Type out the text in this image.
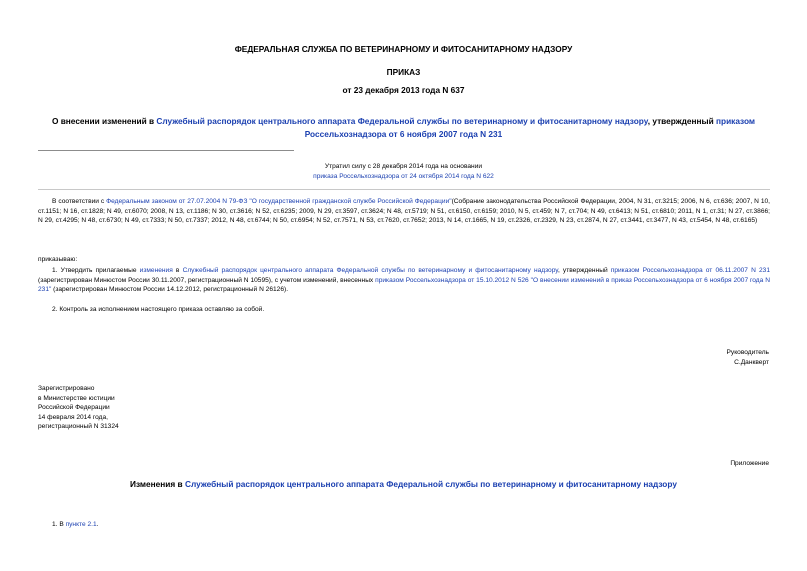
ФЕДЕРАЛЬНАЯ СЛУЖБА ПО ВЕТЕРИНАРНОМУ И ФИТОСАНИТАРНОМУ НАДЗОРУ
ПРИКАЗ
от 23 декабря 2013 года N 637
О внесении изменений в Служебный распорядок центрального аппарата Федеральной службы по ветеринарному и фитосанитарному надзору, утвержденный приказом Россельхознадзора от 6 ноября 2007 года N 231
Утратил силу с 28 декабря 2014 года на основании
приказа Россельхознадзора от 24 октября 2014 года N 622
В соответствии с Федеральным законом от 27.07.2004 N 79-ФЗ "О государственной гражданской службе Российской Федерации"(Собрание законодательства Российской Федерации, 2004, N 31, ст.3215; 2006, N 6, ст.636; 2007, N 10, ст.1151; N 16, ст.1828; N 49, ст.6070; 2008, N 13, ст.1186; N 30, ст.3616; N 52, ст.6235; 2009, N 29, ст.3597, ст.3624; N 48, ст.5719; N 51, ст.6150, ст.6159; 2010, N 5, ст.459; N 7, ст.704; N 49, ст.6413; N 51, ст.6810; 2011, N 1, ст.31; N 27, ст.3866; N 29, ст.4295; N 48, ст.6730; N 49, ст.7333; N 50, ст.7337; 2012, N 48, ст.6744; N 50, ст.6954; N 52, ст.7571, N 53, ст.7620, ст.7652; 2013, N 14, ст.1665, N 19, ст.2326, ст.2329, N 23, ст.2874, N 27, ст.3441, ст.3477, N 43, ст.5454, N 48, ст.6165)
приказываю:
1. Утвердить прилагаемые изменения в Служебный распорядок центрального аппарата Федеральной службы по ветеринарному и фитосанитарному надзору, утвержденный приказом Россельхознадзора от 06.11.2007 N 231 (зарегистрирован Минюстом России 30.11.2007, регистрационный N 10595), с учетом изменений, внесенных приказом Россельхознадзора от 15.10.2012 N 526 "О внесении изменений в приказ Россельхознадзора от 6 ноября 2007 года N 231" (зарегистрирован Минюстом России 14.12.2012, регистрационный N 26126).
2. Контроль за исполнением настоящего приказа оставляю за собой.
Руководитель
С.Данкверт
Зарегистрировано
в Министерстве юстиции
Российской Федерации
14 февраля 2014 года,
регистрационный N 31324
Приложение
Изменения в Служебный распорядок центрального аппарата Федеральной службы по ветеринарному и фитосанитарному надзору
1. В пункте 2.1.
